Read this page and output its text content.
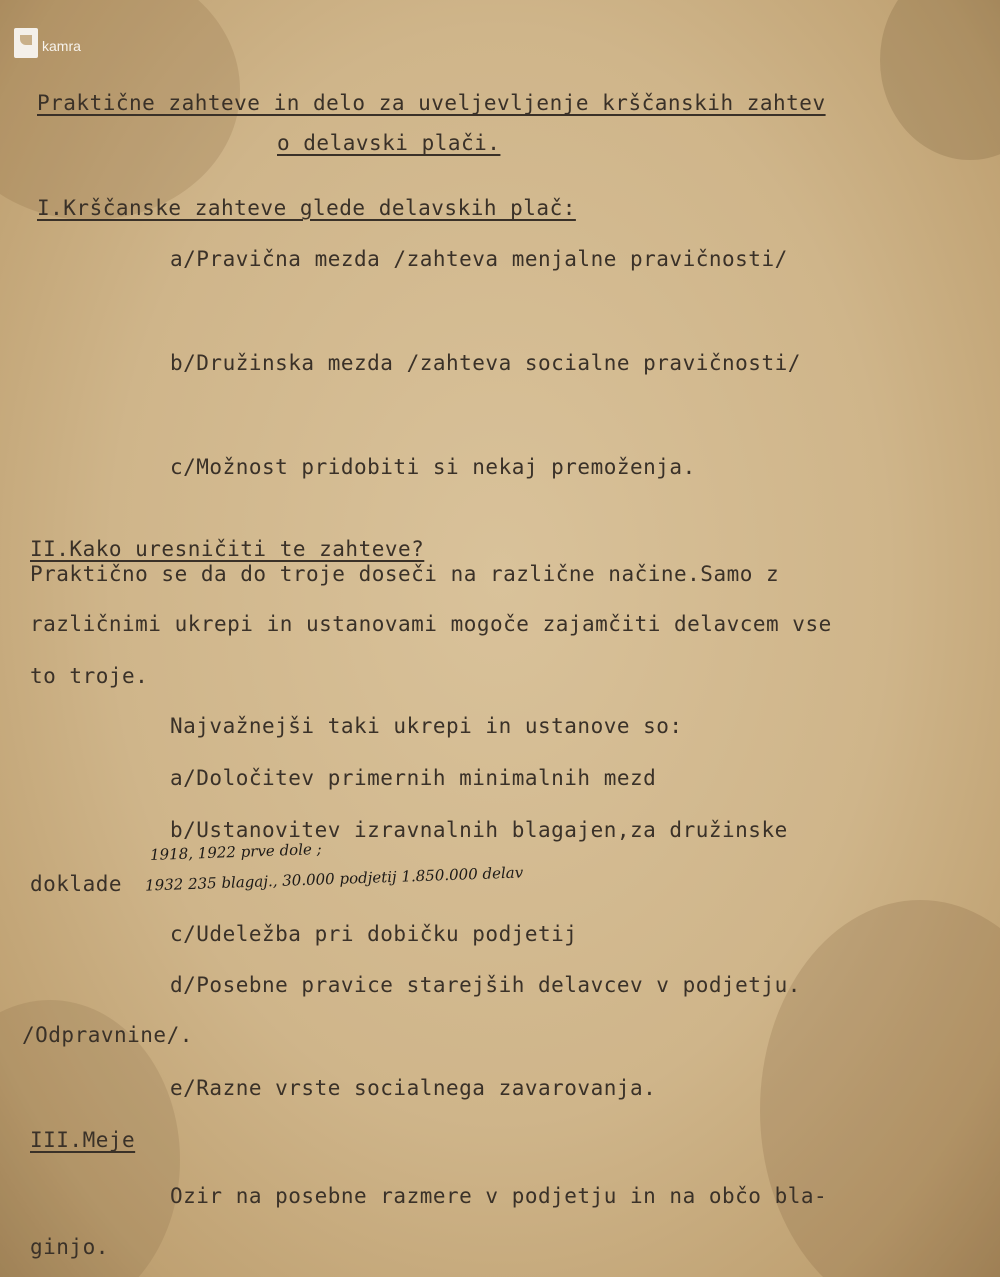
kamra
Praktične zahteve in delo za uveljevljenje krščanskih zahtev
o delavski plači.
I.Krščanske zahteve glede delavskih plač:
a/Pravična mezda /zahteva menjalne pravičnosti/
b/Družinska mezda /zahteva socialne pravičnosti/
c/Možnost pridobiti si nekaj premoženja.
II.Kako uresničiti te zahteve?
Praktično se da do troje doseči na različne načine.Samo z
različnimi ukrepi in ustanovami mogoče zajamčiti delavcem vse
to troje.
Najvažnejši taki ukrepi in ustanove so:
a/Določitev primernih minimalnih mezd
b/Ustanovitev izravnalnih blagajen,za družinske
1918, 1922 prve dole ;
doklade 1932 235 blagaj., 30.000 podjetij 1.850.000 delav
c/Udeležba pri dobičku podjetij
d/Posebne pravice starejših delavcev v podjetju.
/Odpravnine/.
e/Razne vrste socialnega zavarovanja.
III.Meje
Ozir na posebne razmere v podjetju in na občo bla-
ginjo.
